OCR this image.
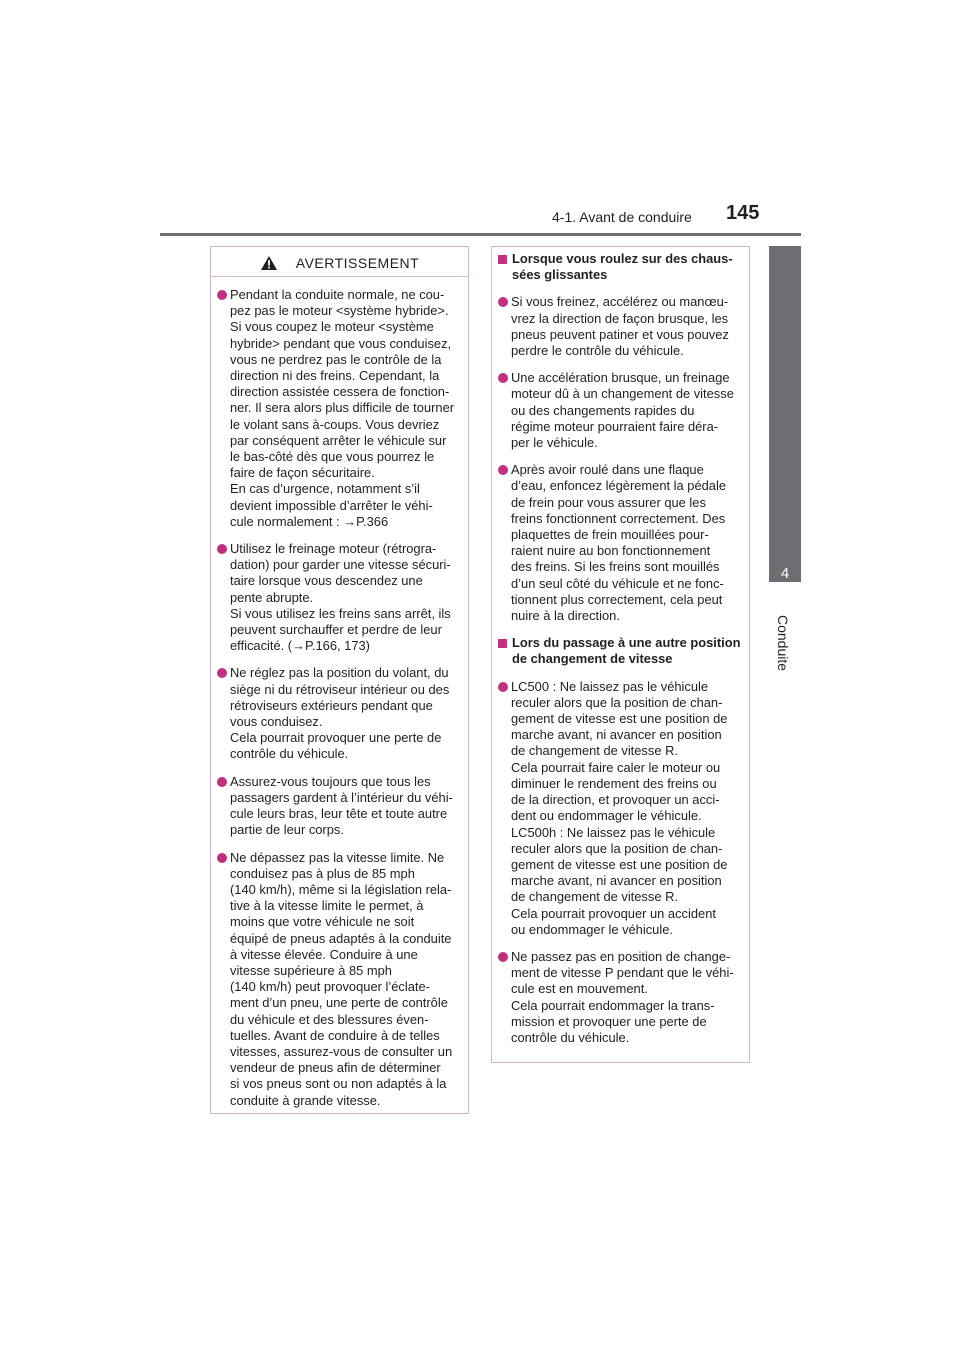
4-1. Avant de conduire 145
4
Conduite
AVERTISSEMENT
Pendant la conduite normale, ne cou-
pez pas le moteur <système hybride>.
Si vous coupez le moteur <système
hybride> pendant que vous conduisez,
vous ne perdrez pas le contrôle de la
direction ni des freins. Cependant, la
direction assistée cessera de fonction-
ner. Il sera alors plus difficile de tourner
le volant sans à-coups. Vous devriez
par conséquent arrêter le véhicule sur
le bas-côté dès que vous pourrez le
faire de façon sécuritaire.
En cas d’urgence, notamment s’il
devient impossible d’arrêter le véhi-
cule normalement : →P.366
Utilisez le freinage moteur (rétrogra-
dation) pour garder une vitesse sécuri-
taire lorsque vous descendez une
pente abrupte.
Si vous utilisez les freins sans arrêt, ils
peuvent surchauffer et perdre de leur
efficacité. (→P.166, 173)
Ne réglez pas la position du volant, du
siège ni du rétroviseur intérieur ou des
rétroviseurs extérieurs pendant que
vous conduisez.
Cela pourrait provoquer une perte de
contrôle du véhicule.
Assurez-vous toujours que tous les
passagers gardent à l’intérieur du véhi-
cule leurs bras, leur tête et toute autre
partie de leur corps.
Ne dépassez pas la vitesse limite. Ne
conduisez pas à plus de 85 mph
(140 km/h), même si la législation rela-
tive à la vitesse limite le permet, à
moins que votre véhicule ne soit
équipé de pneus adaptés à la conduite
à vitesse élevée. Conduire à une
vitesse supérieure à 85 mph
(140 km/h) peut provoquer l’éclate-
ment d’un pneu, une perte de contrôle
du véhicule et des blessures éven-
tuelles. Avant de conduire à de telles
vitesses, assurez-vous de consulter un
vendeur de pneus afin de déterminer
si vos pneus sont ou non adaptés à la
conduite à grande vitesse.
Lorsque vous roulez sur des chaus-
sées glissantes
Si vous freinez, accélérez ou manœu-
vrez la direction de façon brusque, les
pneus peuvent patiner et vous pouvez
perdre le contrôle du véhicule.
Une accélération brusque, un freinage
moteur dû à un changement de vitesse
ou des changements rapides du
régime moteur pourraient faire déra-
per le véhicule.
Après avoir roulé dans une flaque
d’eau, enfoncez légèrement la pédale
de frein pour vous assurer que les
freins fonctionnent correctement. Des
plaquettes de frein mouillées pour-
raient nuire au bon fonctionnement
des freins. Si les freins sont mouillés
d’un seul côté du véhicule et ne fonc-
tionnent plus correctement, cela peut
nuire à la direction.
Lors du passage à une autre position
de changement de vitesse
LC500 : Ne laissez pas le véhicule
reculer alors que la position de chan-
gement de vitesse est une position de
marche avant, ni avancer en position
de changement de vitesse R.
Cela pourrait faire caler le moteur ou
diminuer le rendement des freins ou
de la direction, et provoquer un acci-
dent ou endommager le véhicule.
LC500h : Ne laissez pas le véhicule
reculer alors que la position de chan-
gement de vitesse est une position de
marche avant, ni avancer en position
de changement de vitesse R.
Cela pourrait provoquer un accident
ou endommager le véhicule.
Ne passez pas en position de change-
ment de vitesse P pendant que le véhi-
cule est en mouvement.
Cela pourrait endommager la trans-
mission et provoquer une perte de
contrôle du véhicule.
